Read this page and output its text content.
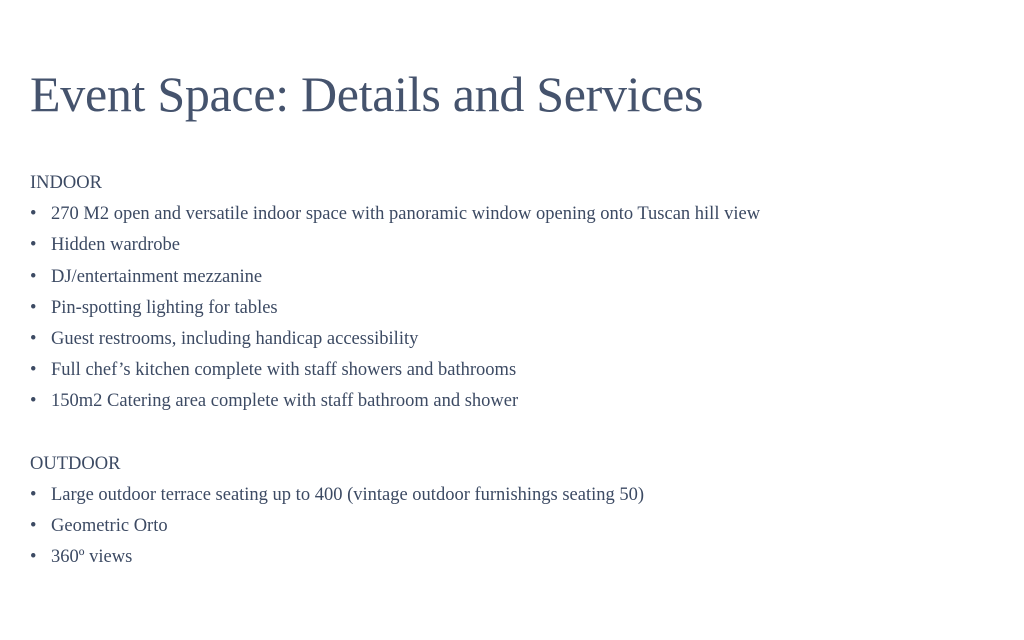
Event Space: Details and Services
INDOOR
• 270 M2 open and versatile indoor space with panoramic window opening onto Tuscan hill view
• Hidden wardrobe
• DJ/entertainment mezzanine
• Pin-spotting lighting for tables
• Guest restrooms, including handicap accessibility
• Full chef’s kitchen complete with staff showers and bathrooms
• 150m2 Catering area complete with staff bathroom and shower
OUTDOOR
• Large outdoor terrace seating up to 400 (vintage outdoor furnishings seating 50)
• Geometric Orto
• 360º views
